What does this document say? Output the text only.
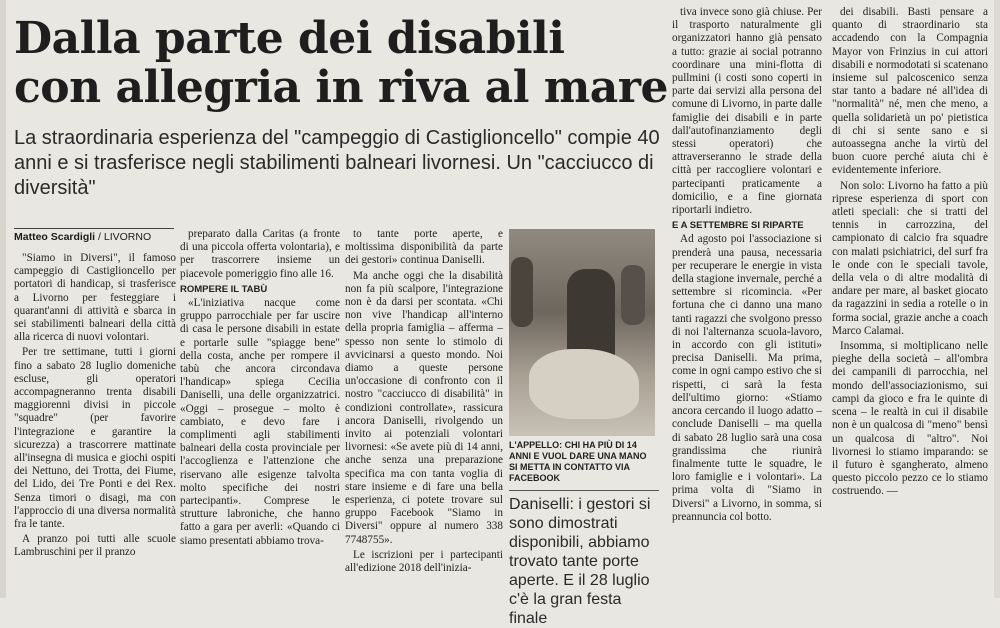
Dalla parte dei disabili
con allegria in riva al mare
La straordinaria esperienza del "campeggio di Castiglioncello" compie 40 anni e si trasferisce negli stabilimenti balneari livornesi. Un "cacciucco di diversità"
Matteo Scardigli / LIVORNO

"Siamo in Diversi", il famoso campeggio di Castiglioncello per portatori di handicap, si trasferisce a Livorno per festeggiare i quarant'anni di attività e sbarca in sei stabilimenti balneari della città alla ricerca di nuovi volontari.

Per tre settimane, tutti i giorni fino a sabato 28 luglio domeniche escluse, gli operatori accompagneranno trenta disabili maggiorenni divisi in piccole "squadre" (per favorire l'integrazione e garantire la sicurezza) a trascorrere mattinate all'insegna di musica e giochi ospiti dei Nettuno, dei Trotta, dei Fiume, del Lido, dei Tre Ponti e dei Rex. Senza timori o disagi, ma con l'approccio di una diversa normalità fra le tante.

A pranzo poi tutti alle scuole Lambruschini per il pranzo

preparato dalla Caritas (a fronte di una piccola offerta volontaria), e per trascorrere insieme un piacevole pomeriggio fino alle 16.

ROMPERE IL TABÙ

«L'iniziativa nacque come gruppo parrocchiale per far uscire di casa le persone disabili in estate e portarle sulle "spiagge bene" della costa, anche per rompere il tabù che ancora circondava l'handicap» spiega Cecilia Daniselli, una delle organizzatrici. «Oggi – prosegue – molto è cambiato, e devo fare i complimenti agli stabilimenti balneari della costa provinciale per l'accoglienza e l'attenzione che riservano alle esigenze talvolta molto specifiche dei nostri partecipanti». Comprese le strutture labroniche, che hanno fatto a gara per averli: «Quando ci siamo presentati abbiamo trova-

to tante porte aperte, e moltissima disponibilità da parte dei gestori» continua Daniselli.

Ma anche oggi che la disabilità non fa più scalpore, l'integrazione non è da darsi per scontata. «Chi non vive l'handicap all'interno della propria famiglia – afferma – spesso non sente lo stimolo di avvicinarsi a questo mondo. Noi diamo a queste persone un'occasione di confronto con il nostro "cacciucco di disabilità" in condizioni controllate», rassicura ancora Daniselli, rivolgendo un invito ai potenziali volontari livornesi: «Se avete più di 14 anni, anche senza una preparazione specifica ma con tanta voglia di stare insieme e di fare una bella esperienza, ci potete trovare sul gruppo Facebook "Siamo in Diversi" oppure al numero 338 7748755».

Le iscrizioni per i partecipanti all'edizione 2018 dell'inizia-

L'APPELLO: CHI HA PIÙ DI 14 ANNI E VUOL DARE UNA MANO SI METTA IN CONTATTO VIA FACEBOOK
Daniselli: i gestori si sono dimostrati disponibili, abbiamo trovato tante porte aperte. E il 28 luglio c'è la gran festa finale

tiva invece sono già chiuse. Per il trasporto naturalmente gli organizzatori hanno già pensato a tutto: grazie ai social potranno coordinare una mini-flotta di pullmini (i costi sono coperti in parte dai servizi alla persona del comune di Livorno, in parte dalle famiglie dei disabili e in parte dall'autofinanziamento degli stessi operatori) che attraverseranno le strade della città per raccogliere volontari e partecipanti praticamente a domicilio, e a fine giornata riportarli indietro.

E A SETTEMBRE SI RIPARTE

Ad agosto poi l'associazione si prenderà una pausa, necessaria per recuperare le energie in vista della stagione invernale, perché a settembre si ricomincia. «Per fortuna che ci danno una mano tanti ragazzi che svolgono presso di noi l'alternanza scuola-lavoro, in accordo con gli istituti» precisa Daniselli. Ma prima, come in ogni campo estivo che si rispetti, ci sarà la festa dell'ultimo giorno: «Stiamo ancora cercando il luogo adatto – conclude Daniselli – ma quella di sabato 28 luglio sarà una cosa grandissima che riunirà finalmente tutte le squadre, le loro famiglie e i volontari». La prima volta di "Siamo in Diversi" a Livorno, in somma, si preannuncia col botto.

dei disabili. Basti pensare a quanto di straordinario sta accadendo con la Compagnia Mayor von Frinzius in cui attori disabili e normodotati si scatenano insieme sul palcoscenico senza star tanto a badare né all'idea di "normalità" né, men che meno, a quella solidarietà un po' pietistica di chi si sente sano e si autoassegna anche la virtù del buon cuore perché aiuta chi è evidentemente inferiore.

Non solo: Livorno ha fatto a più riprese esperienza di sport con atleti speciali: che si tratti del tennis in carrozzina, del campionato di calcio fra squadre con malati psichiatrici, del surf fra le onde con le speciali tavole, della vela o di altre modalità di andare per mare, al basket giocato da ragazzini in sedia a rotelle o in forma social, grazie anche a coach Marco Calamai.

Insomma, si moltiplicano nelle pieghe della società – all'ombra dei campanili di parrocchia, nel mondo dell'associazionismo, sui campi da gioco e fra le quinte di scena – le realtà in cui il disabile non è un qualcosa di "meno" bensì un qualcosa di "altro". Noi livornesi lo stiamo imparando: se il futuro è sgangherato, almeno questo piccolo pezzo ce lo stiamo costruendo. —
